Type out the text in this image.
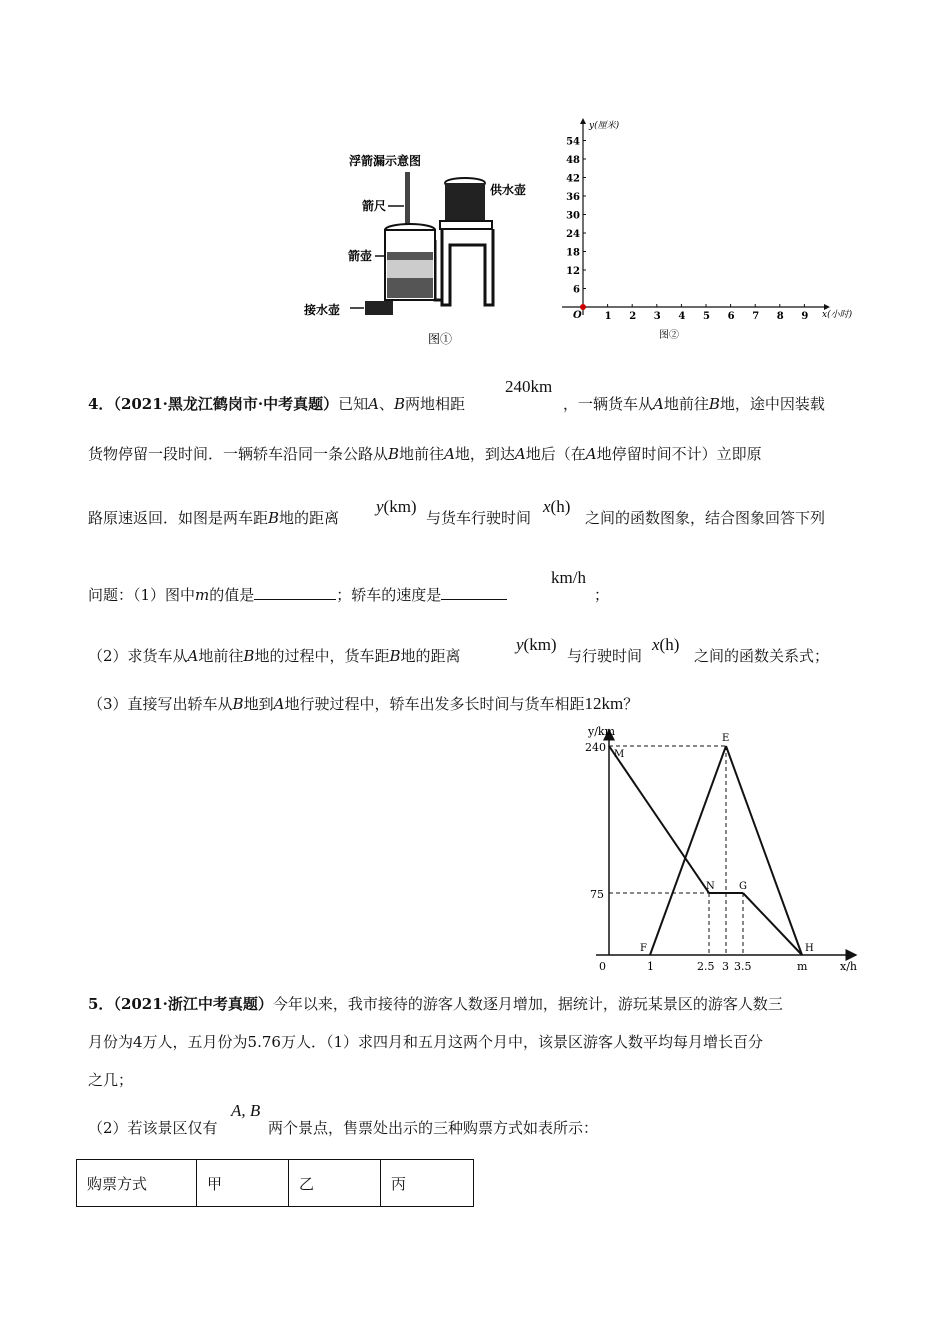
浮箭漏示意图
供水壶
箭尺
箭壶
接水壶
图①
y(厘米)
x(小时)
O
图②
1 2 3 4 5 6 7 8 9
6
12
18
24
30
36
42
48
54
4．（2021·黑龙江鹤岗市·中考真题）已知A、B两地相距
240km
，一辆货车从A地前往B地，途中因装载
货物停留一段时间．一辆轿车沿同一条公路从B地前往A地，到达A地后（在A地停留时间不计）立即原
路原速返回．如图是两车距B地的距离
y(km)
与货车行驶时间
x(h)
之间的函数图象，结合图象回答下列
问题：（1）图中m的值是	；轿车的速度是
km/h
；
（2）求货车从A地前往B地的过程中，货车距B地的距离
y(km)
与行驶时间
x(h)
之间的函数关系式；
（3）直接写出轿车从B地到A地行驶过程中，轿车出发多长时间与货车相距12km？
y/km
x/h
0
240
75
1	2.5 3 3.5	m
M
E
N G
F	H
5．（2021·浙江中考真题）今年以来，我市接待的游客人数逐月增加，据统计，游玩某景区的游客人数三
月份为4万人，五月份为5.76万人．（1）求四月和五月这两个月中，该景区游客人数平均每月增长百分
之几；
（2）若该景区仅有
A, B
两个景点，售票处出示的三种购票方式如表所示：
购票方式	甲	乙	丙
